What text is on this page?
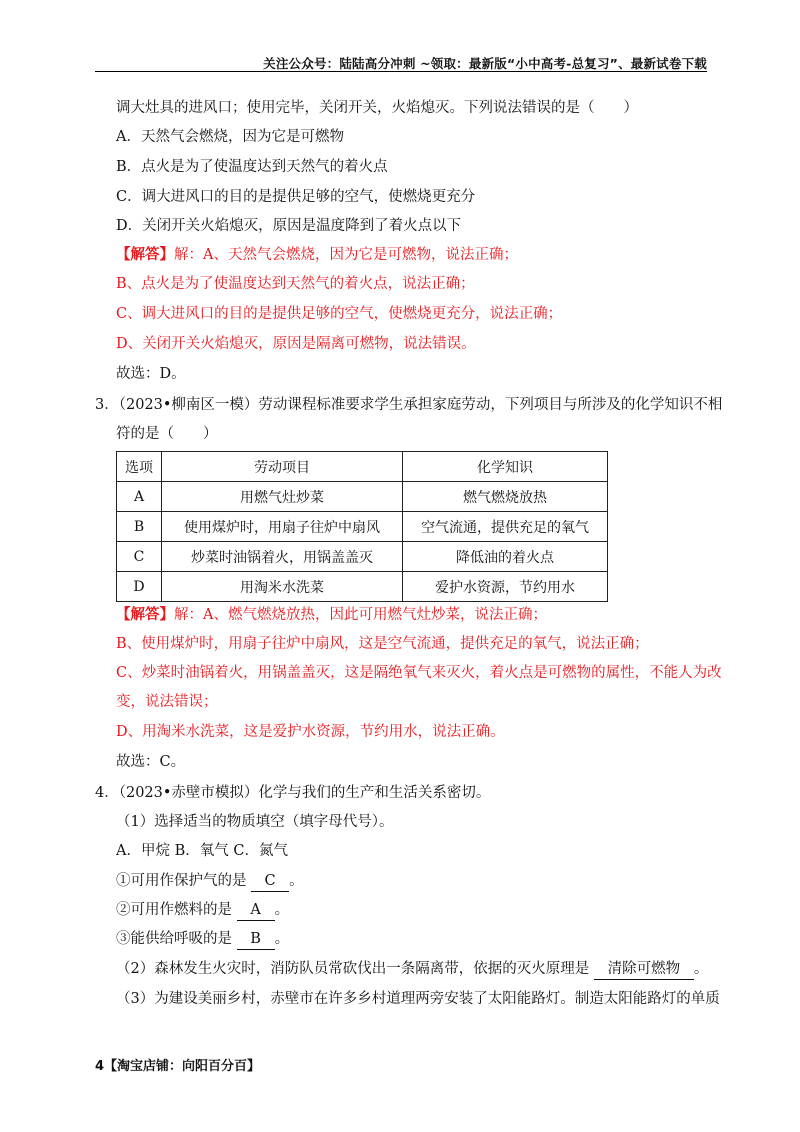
关注公众号：陆陆高分冲刺 ~领取：最新版“小中高考-总复习”、最新试卷下载
调大灶具的进风口；使用完毕，关闭开关，火焰熄灭。下列说法错误的是（　　）
A．天然气会燃烧，因为它是可燃物
B．点火是为了使温度达到天然气的着火点
C．调大进风口的目的是提供足够的空气，使燃烧更充分
D．关闭开关火焰熄灭，原因是温度降到了着火点以下
【解答】解：A、天然气会燃烧，因为它是可燃物，说法正确；
B、点火是为了使温度达到天然气的着火点，说法正确；
C、调大进风口的目的是提供足够的空气，使燃烧更充分，说法正确；
D、关闭开关火焰熄灭，原因是隔离可燃物，说法错误。
故选：D。
3．（2023•柳南区一模）劳动课程标准要求学生承担家庭劳动，下列项目与所涉及的化学知识不相
符的是（　　）
选项	劳动项目	化学知识
A	用燃气灶炒菜	燃气燃烧放热
B	使用煤炉时，用扇子往炉中扇风	空气流通，提供充足的氧气
C	炒菜时油锅着火，用锅盖盖灭	降低油的着火点
D	用淘米水洗菜	爱护水资源，节约用水
【解答】解：A、燃气燃烧放热，因此可用燃气灶炒菜，说法正确；
B、使用煤炉时，用扇子往炉中扇风，这是空气流通，提供充足的氧气，说法正确；
C、炒菜时油锅着火，用锅盖盖灭，这是隔绝氧气来灭火，着火点是可燃物的属性，不能人为改
变，说法错误；
D、用淘米水洗菜，这是爱护水资源，节约用水，说法正确。
故选：C。
4．（2023•赤壁市模拟）化学与我们的生产和生活关系密切。
（1）选择适当的物质填空（填字母代号）。
A．甲烷 B．氧气 C．氮气
①可用作保护气的是 C 。
②可用作燃料的是 A 。
③能供给呼吸的是 B 。
（2）森林发生火灾时，消防队员常砍伐出一条隔离带，依据的灭火原理是 清除可燃物 。
（3）为建设美丽乡村，赤壁市在许多乡村道理两旁安装了太阳能路灯。制造太阳能路灯的单质
4【淘宝店铺：向阳百分百】
